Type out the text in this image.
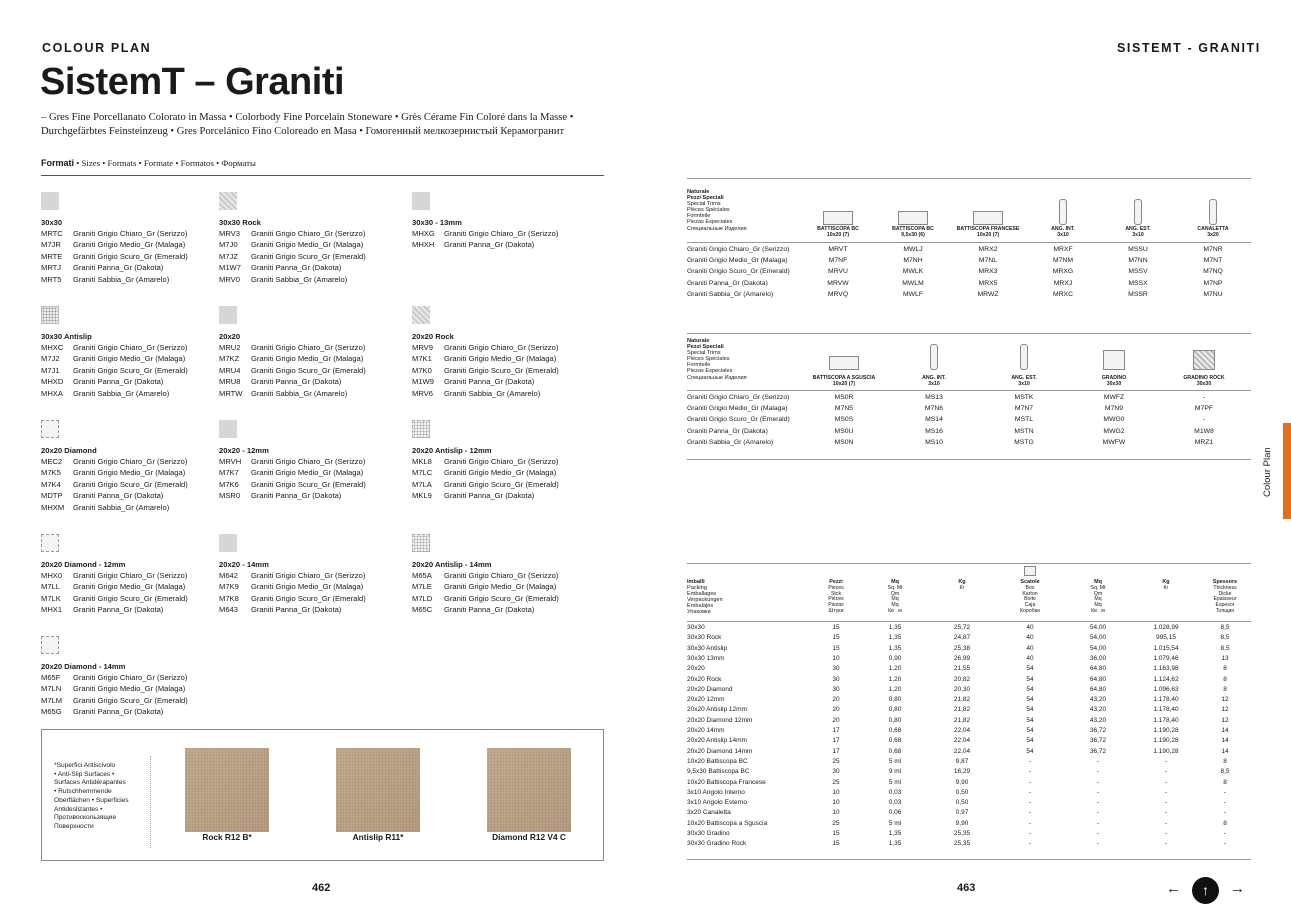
COLOUR PLAN
SistemT – Graniti
– Gres Fine Porcellanato Colorato in Massa • Colorbody Fine Porcelain Stoneware • Grès Cérame Fin Coloré dans la Masse •
Durchgefärbtes Feinsteinzeug • Gres Porcelánico Fino Coloreado en Masa • Гомогенный мелкозернистый Керамогранит
Formati • Sizes • Formats • Formate • Formatos • Форматы
30x30
MRTC Graniti Grigio Chiaro_Gr (Serizzo)
M7JR Graniti Grigio Medio_Gr (Malaga)
MRTE Graniti Grigio Scuro_Gr (Emerald)
MRTJ Graniti Panna_Gr (Dakota)
MRT5 Graniti Sabbia_Gr (Amarelo)
30x30 Rock
MRV3 Graniti Grigio Chiaro_Gr (Serizzo)
M7J0 Graniti Grigio Medio_Gr (Malaga)
M7JZ Graniti Grigio Scuro_Gr (Emerald)
M1W7 Graniti Panna_Gr (Dakota)
MRV0 Graniti Sabbia_Gr (Amarelo)
30x30 - 13mm
MHXG Graniti Grigio Chiaro_Gr (Serizzo)
MHXH Graniti Panna_Gr (Dakota)
30x30 Antislip
MHXC Graniti Grigio Chiaro_Gr (Serizzo)
M7J2 Graniti Grigio Medio_Gr (Malaga)
M7J1 Graniti Grigio Scuro_Gr (Emerald)
MHXD Graniti Panna_Gr (Dakota)
MHXA Graniti Sabbia_Gr (Amarelo)
20x20
MRU2 Graniti Grigio Chiaro_Gr (Serizzo)
M7KZ Graniti Grigio Medio_Gr (Malaga)
MRU4 Graniti Grigio Scuro_Gr (Emerald)
MRU8 Graniti Panna_Gr (Dakota)
MRTW Graniti Sabbia_Gr (Amarelo)
20x20 Rock
MRV9 Graniti Grigio Chiaro_Gr (Serizzo)
M7K1 Graniti Grigio Medio_Gr (Malaga)
M7K0 Graniti Grigio Scuro_Gr (Emerald)
M1W9 Graniti Panna_Gr (Dakota)
MRV6 Graniti Sabbia_Gr (Amarelo)
20x20 Diamond
MEC2 Graniti Grigio Chiaro_Gr (Serizzo)
M7K5 Graniti Grigio Medio_Gr (Malaga)
M7K4 Graniti Grigio Scuro_Gr (Emerald)
MDTP Graniti Panna_Gr (Dakota)
MHXM Graniti Sabbia_Gr (Amarelo)
20x20 - 12mm
MRVH Graniti Grigio Chiaro_Gr (Serizzo)
M7K7 Graniti Grigio Medio_Gr (Malaga)
M7K6 Graniti Grigio Scuro_Gr (Emerald)
MSR0 Graniti Panna_Gr (Dakota)
20x20 Antislip - 12mm
MKL8 Graniti Grigio Chiaro_Gr (Serizzo)
M7LC Graniti Grigio Medio_Gr (Malaga)
M7LA Graniti Grigio Scuro_Gr (Emerald)
MKL9 Graniti Panna_Gr (Dakota)
20x20 Diamond - 12mm
MHX0 Graniti Grigio Chiaro_Gr (Serizzo)
M7LL Graniti Grigio Medio_Gr (Malaga)
M7LK Graniti Grigio Scuro_Gr (Emerald)
MHX1 Graniti Panna_Gr (Dakota)
20x20 - 14mm
M642 Graniti Grigio Chiaro_Gr (Serizzo)
M7K9 Graniti Grigio Medio_Gr (Malaga)
M7K8 Graniti Grigio Scuro_Gr (Emerald)
M643 Graniti Panna_Gr (Dakota)
20x20 Antislip - 14mm
M65A Graniti Grigio Chiaro_Gr (Serizzo)
M7LE Graniti Grigio Medio_Gr (Malaga)
M7LD Graniti Grigio Scuro_Gr (Emerald)
M65C Graniti Panna_Gr (Dakota)
20x20 Diamond - 14mm
M65F Graniti Grigio Chiaro_Gr (Serizzo)
M7LN Graniti Grigio Medio_Gr (Malaga)
M7LM Graniti Grigio Scuro_Gr (Emerald)
M65G Graniti Panna_Gr (Dakota)
*Superfici Antiscivolo
• Anti-Slip Surfaces •
Surfaces Antidérapantes
• Rutschhemmende
Oberflächen • Superficies
Antideslizantes •
Противоскользящие
Поверхности
Rock R12 B*	Antislip R11*	Diamond R12 V4 C
462
SISTEMT - GRANITI
Naturale
Pezzi Speciali
Special Trims
Pièces Spéciales
Formteile
Piezas Especiales
Специальные Изделия	BATTISCOPA BC
10x20 (7)
BATTISCOPA BC
9,5x30 (6)
BATTISCOPA FRANCESE
10x20 (7)
ANG. INT.
3x10
ANG. EST.
3x10
CANALETTA
3x20
Graniti Grigio Chiaro_Gr (Serizzo)	MRVT	MWLJ	MRX2	MRXF	MSSU	M7NR
Graniti Grigio Medio_Gr (Malaga)	M7NF	M7NH	M7NL	M7NM	M7NN	M7NT
Graniti Grigio Scuro_Gr (Emerald)	MRVU	MWLK	MRX3	MRXG	MSSV	M7NQ
Graniti Panna_Gr (Dakota)	MRVW	MWLM	MRX5	MRXJ	MSSX	M7NP
Graniti Sabbia_Gr (Amarelo)	MRVQ	MWLF	MRWZ	MRXC	MSSR	M7NU
Naturale
Pezzi Speciali
Special Trims
Pièces Spéciales
Formteile
Piezas Especiales
Специальные Изделия	BATTISCOPA A SGUSCIA
10x20 (7)
ANG. INT.
3x10
ANG. EST.
3x10
GRADINO
30x30
GRADINO ROCK
30x30
Graniti Grigio Chiaro_Gr (Serizzo)	MS0R	MS13	MSTK	MWFZ	-
Graniti Grigio Medio_Gr (Malaga)	M7N5	M7N6	M7N7	M7N9	M7PF
Graniti Grigio Scuro_Gr (Emerald)	MS0S	MS14	MSTL	MWG0	-
Graniti Panna_Gr (Dakota)	MS0U	MS16	MSTN	MWG2	M1W8
Graniti Sabbia_Gr (Amarelo)	MS0N	MS10	MSTG	MWFW	MRZ1
Imballi
Packing
Emballages
Verpackungen
Embalajes
Упаковки
Pezzi
Pieces
Stck
Piéces
Piezas
Штуки
Mq
Sq. Mt
Qm
Mq
Mq
Кв . м
Kg
Кг
Scatole
Box
Karton
Boite
Caja
Коробки
Mq
Sq. Mt
Qm
Mq
Mq
Кв . м
Kg
Кг
Spessore
Thickness
Dicke
Epaisseur
Espesor
Толщин
30x30	15	1,35	25,72	40	54,00	1.028,99	8,5
30x30 Rock	15	1,35	24,87	40	54,00	995,15	8,5
30x30 Antislip	15	1,35	25,38	40	54,00	1.015,54	8,5
30x30 13mm	10	0,90	26,99	40	36,00	1.079,46	13
20x20	30	1,20	21,55	54	64,80	1.163,98	8
20x20 Rock	30	1,20	20,82	54	64,80	1.124,62	8
20x20 Diamond	30	1,20	20,30	54	64,80	1.096,63	8
20x20 12mm	20	0,80	21,82	54	43,20	1.178,40	12
20x20 Antislip 12mm	20	0,80	21,82	54	43,20	1.178,40	12
20x20 Diamond 12mm	20	0,80	21,82	54	43,20	1.178,40	12
20x20 14mm	17	0,68	22,04	54	36,72	1.190,28	14
20x20 Antislip 14mm	17	0,68	22,04	54	36,72	1.190,28	14
20x20 Diamond 14mm	17	0,68	22,04	54	36,72	1.190,28	14
10x20 Battiscopa BC	25	5 ml	9,87	-	-	-	8
9,5x30 Battiscopa BC	30	9 ml	16,29	-	-	-	8,5
10x20 Battiscopa Francese	25	5 ml	9,90	-	-	-	8
3x10 Angolo Interno	10	0,03	0,50	-	-	-	-
3x10 Angolo Esterno	10	0,03	0,50	-	-	-	-
3x20 Canaletta	10	0,06	0,97	-	-	-	-
10x20 Battiscopa a Sguscia	25	5 ml	9,90	-	-	-	8
30x30 Gradino	15	1,35	25,35	-	-	-	-
30x30 Gradino Rock	15	1,35	25,35	-	-	-	-
463
Colour Plan
←	↑	→
